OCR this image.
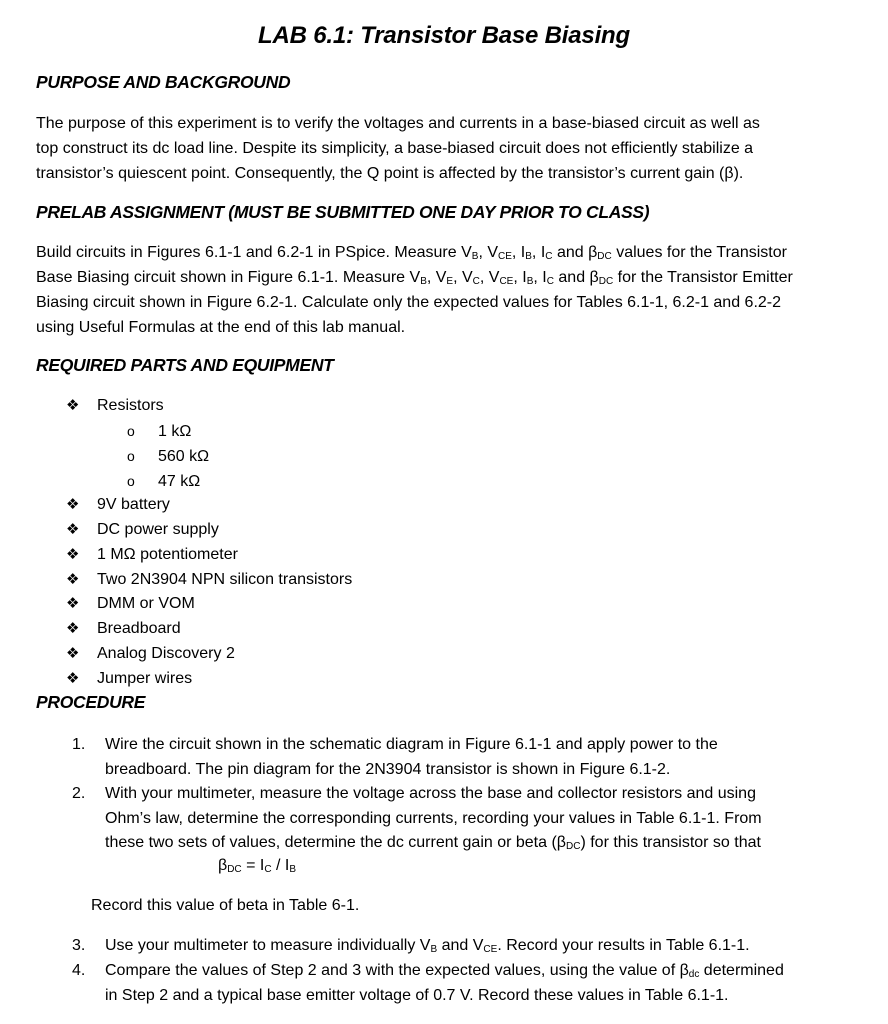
LAB 6.1: Transistor Base Biasing
PURPOSE AND BACKGROUND
The purpose of this experiment is to verify the voltages and currents in a base-biased circuit as well as
top construct its dc load line. Despite its simplicity, a base-biased circuit does not efficiently stabilize a
transistor’s quiescent point. Consequently, the Q point is affected by the transistor’s current gain (β).
PRELAB ASSIGNMENT (MUST BE SUBMITTED ONE DAY PRIOR TO CLASS)
Build circuits in Figures 6.1-1 and 6.2-1 in PSpice. Measure $V_B$, $V_{CE}$, $I_B$, $I_C$ and $\beta_{DC}$ values for the Transistor
Base Biasing circuit shown in Figure 6.1-1. Measure $V_B$, $V_E$, $V_C$, $V_{CE}$, $I_B$, $I_C$ and $\beta_{DC}$ for the Transistor Emitter
Biasing circuit shown in Figure 6.2-1. Calculate only the expected values for Tables 6.1-1, 6.2-1 and 6.2-2
using Useful Formulas at the end of this lab manual.
REQUIRED PARTS AND EQUIPMENT
❖ Resistors
o 1 kΩ
o 560 kΩ
o 47 kΩ
❖ 9V battery
❖ DC power supply
❖ 1 MΩ potentiometer
❖ Two 2N3904 NPN silicon transistors
❖ DMM or VOM
❖ Breadboard
❖ Analog Discovery 2
❖ Jumper wires
PROCEDURE
1. Wire the circuit shown in the schematic diagram in Figure 6.1-1 and apply power to the
breadboard. The pin diagram for the 2N3904 transistor is shown in Figure 6.1-2.
2. With your multimeter, measure the voltage across the base and collector resistors and using
Ohm’s law, determine the corresponding currents, recording your values in Table 6.1-1. From
these two sets of values, determine the dc current gain or beta $(\beta_{DC})$ for this transistor so that
$\beta_{DC} = I_C / I_B$
Record this value of beta in Table 6-1.
3. Use your multimeter to measure individually $V_B$ and $V_{CE}$. Record your results in Table 6.1-1.
4. Compare the values of Step 2 and 3 with the expected values, using the value of $\beta_{dc}$ determined
in Step 2 and a typical base emitter voltage of 0.7 V. Record these values in Table 6.1-1.
